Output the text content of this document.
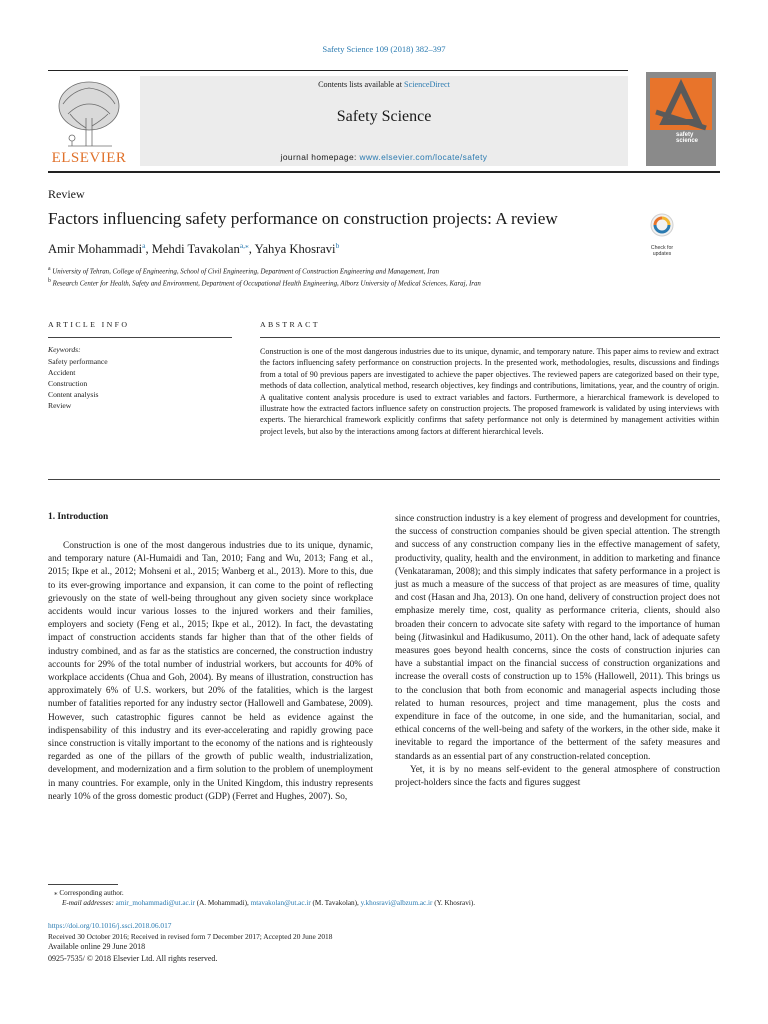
Safety Science 109 (2018) 382–397
ELSEVIER
Contents lists available at ScienceDirect
Safety Science
journal homepage: www.elsevier.com/locate/safety
safety science
Review
Factors influencing safety performance on construction projects: A review
Check for updates
Amir Mohammadi$^a$, Mehdi Tavakolan$^{a,⁎}$, Yahya Khosravi$^b$
$^a$ University of Tehran, College of Engineering, School of Civil Engineering, Department of Construction Engineering and Management, Iran
$^b$ Research Center for Health, Safety and Environment, Department of Occupational Health Engineering, Alborz University of Medical Sciences, Karaj, Iran
ARTICLE INFO	ABSTRACT
Keywords:
Safety performance
Accident
Construction
Content analysis
Review
Construction is one of the most dangerous industries due to its unique, dynamic, and temporary nature. This paper aims to review and extract the factors influencing safety performance on construction projects. In the presented work, methodologies, results, discussions and findings from a total of 90 previous papers are investigated to achieve the paper objectives. The reviewed papers are categorized based on their type, methods of data collection, analytical method, research objectives, key findings and contributions, limitations, year, and the country of origin. A qualitative content analysis procedure is used to extract variables and factors. Furthermore, a hierarchical framework is developed to illustrate how the extracted factors influence safety on construction projects. The proposed framework is validated by using interviews with experts. The hierarchical framework explicitly confirms that safety performance not only is determined by management activities within project levels, but also by the interactions among factors at different hierarchical levels.
1. Introduction

Construction is one of the most dangerous industries due to its unique, dynamic, and temporary nature (Al-Humaidi and Tan, 2010; Fang and Wu, 2013; Fang et al., 2015; Ikpe et al., 2012; Mohseni et al., 2015; Wanberg et al., 2013). More to this, due to its ever-growing importance and expansion, it can come to the point of reflecting grievously on the state of well-being throughout any given society since workplace accidents would incur various losses to the injured workers and their families, employers and society (Feng et al., 2015; Ikpe et al., 2012). In fact, the devastating impact of construction accidents stands far higher than that of the other fields of industry combined, and as far as the statistics are concerned, the construction industry accounts for 29% of the total number of industrial workers, but accounts for 40% of workplace accidents (Chua and Goh, 2004). By means of illustration, construction has approximately 6% of U.S. workers, but 20% of the fatalities, which is the largest number of fatalities reported for any industry sector (Hallowell and Gambatese, 2009). However, such catastrophic figures cannot be held as evidence against the indispensability of this industry and its ever-accelerating and rapidly growing pace since construction is vitally important to the economy of the nations and is righteously regarded as one of the pillars of the growth of public wealth, industrialization, development, and modernization and a firm solution to the problem of unemployment in many countries. For example, only in the United Kingdom, this industry represents nearly 10% of the gross domestic product (GDP) (Ferret and Hughes, 2007). So,

since construction industry is a key element of progress and development for countries, the success of construction companies should be given special attention. The strength and success of any construction company lies in the effective management of safety, productivity, quality, health and the environment, in addition to marketing and finance (Venkataraman, 2008); and this simply indicates that safety performance in a project is just as much a measure of the success of that project as are measures of time, quality and cost (Hasan and Jha, 2013). On one hand, delivery of construction project does not emphasize merely time, cost, quality as performance criteria, clients, should also broaden their concern to advocate site safety with regard to the importance of human being (Jitwasinkul and Hadikusumo, 2011). On the other hand, lack of adequate safety measures goes beyond health concerns, since the costs of construction injuries can have a substantial impact on the financial success of construction organizations and increase the overall costs of construction up to 15% (Hallowell, 2011). This brings us to the conclusion that both from economic and managerial aspects including those related to human resources, project and time management, plus the costs and expenditure in face of the outcome, in one side, and the humanitarian, social, and ethical concerns of the well-being and safety of the workers, in the other side, make it inevitable to regard the importance of the betterment of the safety measures and standards as an essential part of any construction-related conception.

Yet, it is by no means self-evident to the general atmosphere of construction project-holders since the facts and figures suggest

⁎ Corresponding author.
E-mail addresses: amir_mohammadi@ut.ac.ir (A. Mohammadi), mtavakolan@ut.ac.ir (M. Tavakolan), y.khosravi@albzum.ac.ir (Y. Khosravi).
https://doi.org/10.1016/j.ssci.2018.06.017
Received 30 October 2016; Received in revised form 7 December 2017; Accepted 20 June 2018
Available online 29 June 2018
0925-7535/ © 2018 Elsevier Ltd. All rights reserved.
